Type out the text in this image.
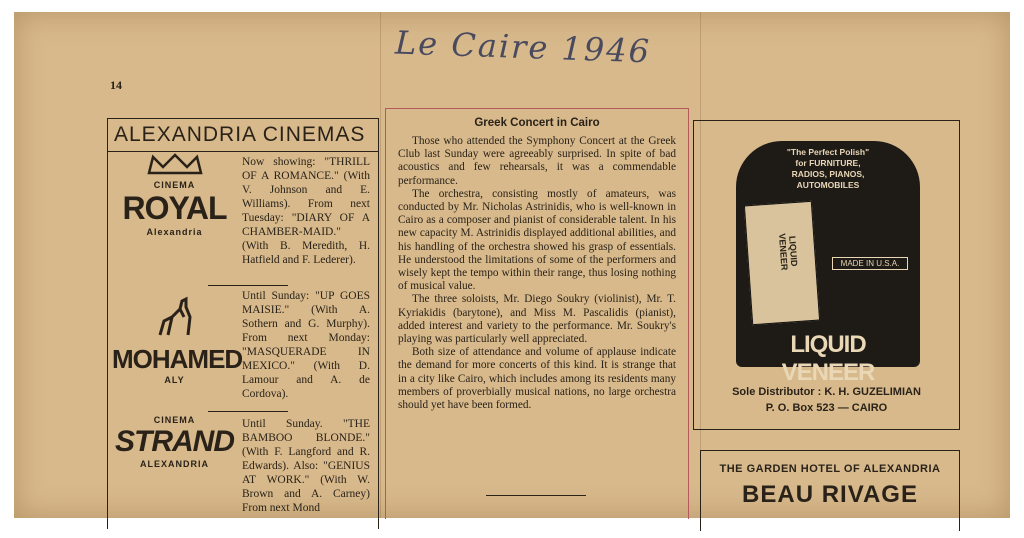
Le Caire 1946
14
ALEXANDRIA CINEMAS
CINEMA
ROYAL
Alexandria
Now showing: "THRILL OF A ROMANCE." (With V. Johnson and E. Williams). From next Tuesday: "DIARY OF A CHAMBER-MAID." (With B. Meredith, H. Hatfield and F. Lederer).
MOHAMED
ALY
Until Sunday: "UP GOES MAISIE." (With A. Sothern and G. Murphy). From next Monday: "MASQUERADE IN MEXICO." (With D. Lamour and A. de Cordova).
CINEMA
STRAND
ALEXANDRIA
Until Sunday. "THE BAMBOO BLONDE." (With F. Langford and R. Edwards). Also: "GENIUS AT WORK." (With W. Brown and A. Carney) From next Mond
Greek Concert in Cairo

Those who attended the Symphony Concert at the Greek Club last Sunday were agreeably surprised. In spite of bad acoustics and few rehearsals, it was a commendable performance.

The orchestra, consisting mostly of amateurs, was conducted by Mr. Nicholas Astrinidis, who is well-known in Cairo as a composer and pianist of considerable talent. In his new capacity M. Astrinidis displayed additional abilities, and his handling of the orchestra showed his grasp of essentials. He understood the limitations of some of the performers and wisely kept the tempo within their range, thus losing nothing of musical value.

The three soloists, Mr. Diego Soukry (violinist), Mr. T. Kyriakidis (barytone), and Miss M. Pascalidis (pianist), added interest and variety to the performance. Mr. Soukry's playing was particularly well appreciated.

Both size of attendance and volume of applause indicate the demand for more concerts of this kind. It is strange that in a city like Cairo, which includes among its residents many members of proverbially musical nations, no large orchestra should yet have been formed.

"The Perfect Polish"
for FURNITURE,
RADIOS, PIANOS,
AUTOMOBILES
LIQUID VENEER	MADE IN U.S.A.
LIQUID VENEER
Sole Distributor : K. H. GUZELIMIAN
P. O. Box 523 — CAIRO
THE GARDEN HOTEL OF ALEXANDRIA
BEAU RIVAGE
